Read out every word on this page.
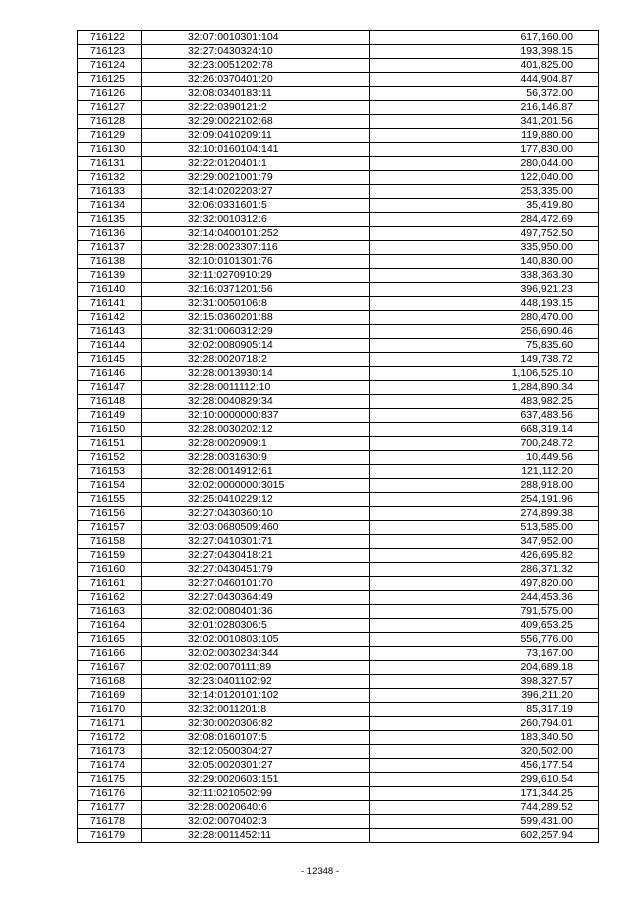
716122	32:07:0010301:104	617,160.00
716123	32:27:0430324:10	193,398.15
716124	32:23:0051202:78	401,825.00
716125	32:26:0370401:20	444,904.87
716126	32:08:0340183:11	56,372.00
716127	32:22:0390121:2	216,146.87
716128	32:29:0022102:68	341,201.56
716129	32:09:0410209:11	119,880.00
716130	32:10:0160104:141	177,830.00
716131	32:22:0120401:1	280,044.00
716132	32:29:0021001:79	122,040.00
716133	32:14:0202203:27	253,335.00
716134	32:06:0331601:5	35,419.80
716135	32:32:0010312:6	284,472.69
716136	32:14:0400101:252	497,752.50
716137	32:28:0023307:116	335,950.00
716138	32:10:0101301:76	140,830.00
716139	32:11:0270910:29	338,363.30
716140	32:16:0371201:56	396,921.23
716141	32:31:0050106:8	448,193.15
716142	32:15:0360201:88	280,470.00
716143	32:31:0060312:29	256,690.46
716144	32:02:0080905:14	75,835.60
716145	32:28:0020718:2	149,738.72
716146	32:28:0013930:14	1,106,525.10
716147	32:28:0011112:10	1,284,890.34
716148	32:28:0040829:34	483,982.25
716149	32:10:0000000:837	637,483.56
716150	32:28:0030202:12	668,319.14
716151	32:28:0020909:1	700,248.72
716152	32:28:0031630:9	10,449.56
716153	32:28:0014912:61	121,112.20
716154	32:02:0000000:3015	288,918.00
716155	32:25:0410229:12	254,191.96
716156	32:27:0430360:10	274,899.38
716157	32:03:0680509:460	513,585.00
716158	32:27:0410301:71	347,952.00
716159	32:27:0430418:21	426,695.82
716160	32:27:0430451:79	286,371.32
716161	32:27:0460101:70	497,820.00
716162	32:27:0430364:49	244,453.36
716163	32:02:0080401:36	791,575.00
716164	32:01:0280306:5	409,653.25
716165	32:02:0010803:105	556,776.00
716166	32:02:0030234:344	73,167.00
716167	32:02:0070111:89	204,689.18
716168	32:23:0401102:92	398,327.57
716169	32:14:0120101:102	396,211.20
716170	32:32:0011201:8	85,317.19
716171	32:30:0020306:82	260,794.01
716172	32:08:0160107:5	183,340.50
716173	32:12:0500304:27	320,502.00
716174	32:05:0020301:27	456,177.54
716175	32:29:0020603:151	299,610.54
716176	32:11:0210502:99	171,344.25
716177	32:28:0020640:6	744,289.52
716178	32:02:0070402:3	599,431.00
716179	32:28:0011452:11	602,257.94
- 12348 -
